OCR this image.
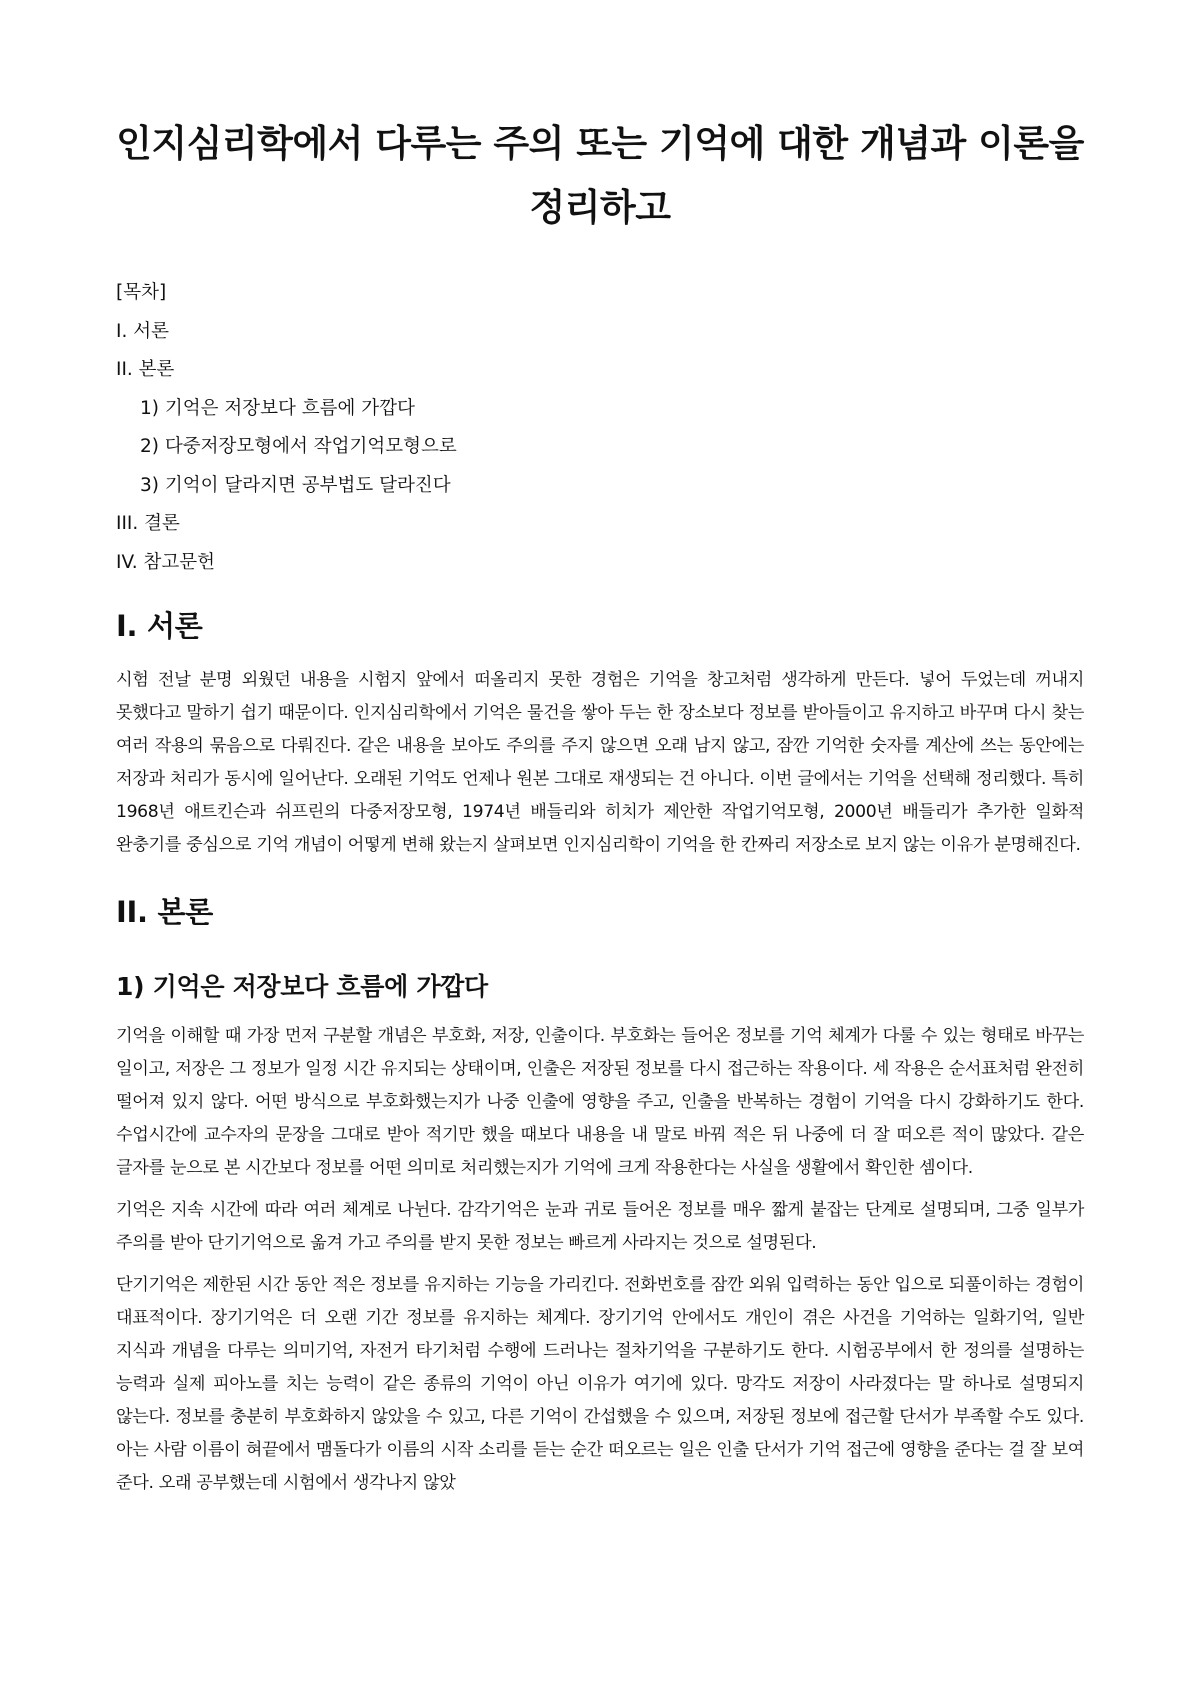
인지심리학에서 다루는 주의 또는 기억에 대한 개념과 이론을 정리하고
[목차]
I. 서론
II. 본론
1) 기억은 저장보다 흐름에 가깝다
2) 다중저장모형에서 작업기억모형으로
3) 기억이 달라지면 공부법도 달라진다
III. 결론
IV. 참고문헌
I. 서론

시험 전날 분명 외웠던 내용을 시험지 앞에서 떠올리지 못한 경험은 기억을 창고처럼 생각하게 만든다. 넣어 두었는데 꺼내지 못했다고 말하기 쉽기 때문이다. 인지심리학에서 기억은 물건을 쌓아 두는 한 장소보다 정보를 받아들이고 유지하고 바꾸며 다시 찾는 여러 작용의 묶음으로 다뤄진다. 같은 내용을 보아도 주의를 주지 않으면 오래 남지 않고, 잠깐 기억한 숫자를 계산에 쓰는 동안에는 저장과 처리가 동시에 일어난다. 오래된 기억도 언제나 원본 그대로 재생되는 건 아니다. 이번 글에서는 기억을 선택해 정리했다. 특히 1968년 애트킨슨과 쉬프린의 다중저장모형, 1974년 배들리와 히치가 제안한 작업기억모형, 2000년 배들리가 추가한 일화적 완충기를 중심으로 기억 개념이 어떻게 변해 왔는지 살펴보면 인지심리학이 기억을 한 칸짜리 저장소로 보지 않는 이유가 분명해진다.

II. 본론
1) 기억은 저장보다 흐름에 가깝다

기억을 이해할 때 가장 먼저 구분할 개념은 부호화, 저장, 인출이다. 부호화는 들어온 정보를 기억 체계가 다룰 수 있는 형태로 바꾸는 일이고, 저장은 그 정보가 일정 시간 유지되는 상태이며, 인출은 저장된 정보를 다시 접근하는 작용이다. 세 작용은 순서표처럼 완전히 떨어져 있지 않다. 어떤 방식으로 부호화했는지가 나중 인출에 영향을 주고, 인출을 반복하는 경험이 기억을 다시 강화하기도 한다. 수업시간에 교수자의 문장을 그대로 받아 적기만 했을 때보다 내용을 내 말로 바꿔 적은 뒤 나중에 더 잘 떠오른 적이 많았다. 같은 글자를 눈으로 본 시간보다 정보를 어떤 의미로 처리했는지가 기억에 크게 작용한다는 사실을 생활에서 확인한 셈이다.

기억은 지속 시간에 따라 여러 체계로 나뉜다. 감각기억은 눈과 귀로 들어온 정보를 매우 짧게 붙잡는 단계로 설명되며, 그중 일부가 주의를 받아 단기기억으로 옮겨 가고 주의를 받지 못한 정보는 빠르게 사라지는 것으로 설명된다.

단기기억은 제한된 시간 동안 적은 정보를 유지하는 기능을 가리킨다. 전화번호를 잠깐 외워 입력하는 동안 입으로 되풀이하는 경험이 대표적이다. 장기기억은 더 오랜 기간 정보를 유지하는 체계다. 장기기억 안에서도 개인이 겪은 사건을 기억하는 일화기억, 일반 지식과 개념을 다루는 의미기억, 자전거 타기처럼 수행에 드러나는 절차기억을 구분하기도 한다. 시험공부에서 한 정의를 설명하는 능력과 실제 피아노를 치는 능력이 같은 종류의 기억이 아닌 이유가 여기에 있다. 망각도 저장이 사라졌다는 말 하나로 설명되지 않는다. 정보를 충분히 부호화하지 않았을 수 있고, 다른 기억이 간섭했을 수 있으며, 저장된 정보에 접근할 단서가 부족할 수도 있다. 아는 사람 이름이 혀끝에서 맴돌다가 이름의 시작 소리를 듣는 순간 떠오르는 일은 인출 단서가 기억 접근에 영향을 준다는 걸 잘 보여 준다. 오래 공부했는데 시험에서 생각나지 않았
